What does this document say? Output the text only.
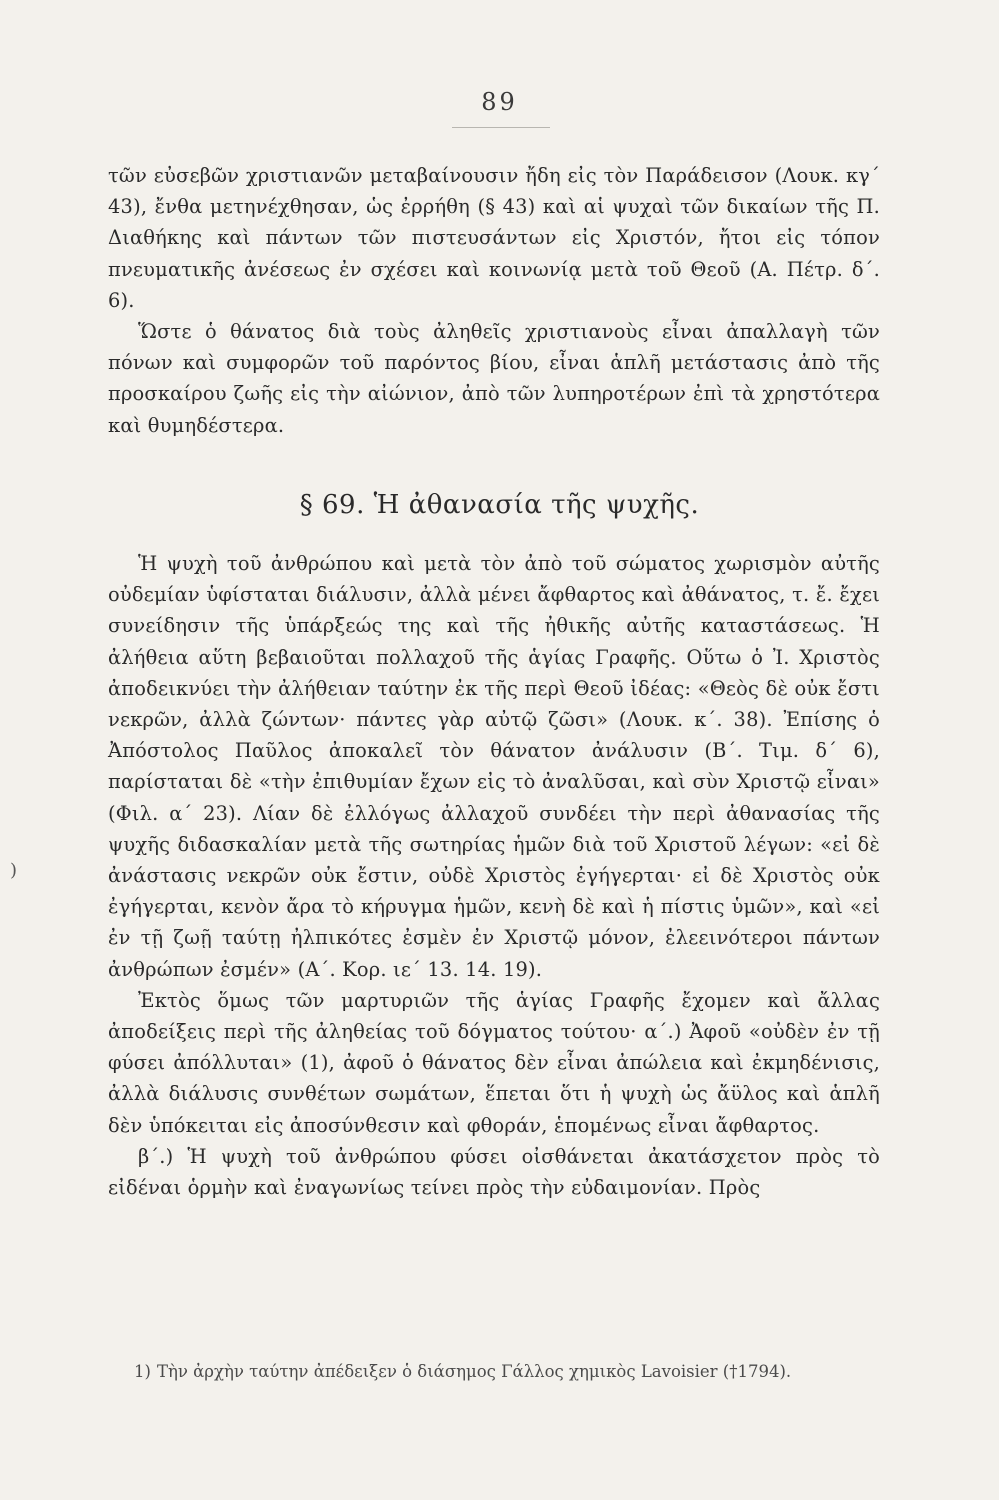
89

τῶν εὐσεβῶν χριστιανῶν μεταβαίνουσιν ἤδη εἰς τὸν Παράδεισον (Λουκ. κγ΄ 43), ἔνθα μετηνέχθησαν, ὡς ἐρρήθη (§ 43) καὶ αἱ ψυχαὶ τῶν δικαίων τῆς Π. Διαθήκης καὶ πάντων τῶν πιστευσάντων εἰς Χριστόν, ἤτοι εἰς τόπον πνευματικῆς ἀνέσεως ἐν σχέσει καὶ κοινωνίᾳ μετὰ τοῦ Θεοῦ (Α. Πέτρ. δ΄. 6).

Ὥστε ὁ θάνατος διὰ τοὺς ἀληθεῖς χριστιανοὺς εἶναι ἀπαλλαγὴ τῶν πόνων καὶ συμφορῶν τοῦ παρόντος βίου, εἶναι ἁπλῆ μετάστασις ἀπὸ τῆς προσκαίρου ζωῆς εἰς τὴν αἰώνιον, ἀπὸ τῶν λυπηροτέρων ἐπὶ τὰ χρηστότερα καὶ θυμηδέστερα.

§ 69. Ἡ ἀθανασία τῆς ψυχῆς.

Ἡ ψυχὴ τοῦ ἀνθρώπου καὶ μετὰ τὸν ἀπὸ τοῦ σώματος χωρισμὸν αὐτῆς οὐδεμίαν ὑφίσταται διάλυσιν, ἀλλὰ μένει ἄφθαρτος καὶ ἀθάνατος, τ. ἔ. ἔχει συνείδησιν τῆς ὑπάρξεώς της καὶ τῆς ἠθικῆς αὐτῆς καταστάσεως. Ἡ ἀλήθεια αὕτη βεβαιοῦται πολλαχοῦ τῆς ἁγίας Γραφῆς. Οὕτω ὁ Ἰ. Χριστὸς ἀποδεικνύει τὴν ἀλήθειαν ταύτην ἐκ τῆς περὶ Θεοῦ ἰδέας: «Θεὸς δὲ οὐκ ἔστι νεκρῶν, ἀλλὰ ζώντων· πάντες γὰρ αὐτῷ ζῶσι» (Λουκ. κ΄. 38). Ἐπίσης ὁ Ἀπόστολος Παῦλος ἀποκαλεῖ τὸν θάνατον ἀνάλυσιν (Β΄. Τιμ. δ΄ 6), παρίσταται δὲ «τὴν ἐπιθυμίαν ἔχων εἰς τὸ ἀναλῦσαι, καὶ σὺν Χριστῷ εἶναι» (Φιλ. α΄ 23). Λίαν δὲ ἐλλόγως ἀλλαχοῦ συνδέει τὴν περὶ ἀθανασίας τῆς ψυχῆς διδασκαλίαν μετὰ τῆς σωτηρίας ἡμῶν διὰ τοῦ Χριστοῦ λέγων: «εἰ δὲ ἀνάστασις νεκρῶν οὐκ ἔστιν, οὐδὲ Χριστὸς ἐγήγερται· εἰ δὲ Χριστὸς οὐκ ἐγήγερται, κενὸν ἄρα τὸ κήρυγμα ἡμῶν, κενὴ δὲ καὶ ἡ πίστις ὑμῶν», καὶ «εἰ ἐν τῇ ζωῇ ταύτῃ ἠλπικότες ἐσμὲν ἐν Χριστῷ μόνον, ἐλεεινότεροι πάντων ἀνθρώπων ἐσμέν» (Α΄. Κορ. ιε΄ 13. 14. 19).

Ἐκτὸς ὅμως τῶν μαρτυριῶν τῆς ἁγίας Γραφῆς ἔχομεν καὶ ἄλλας ἀποδείξεις περὶ τῆς ἀληθείας τοῦ δόγματος τούτου· α΄.) Ἀφοῦ «οὐδὲν ἐν τῇ φύσει ἀπόλλυται» (1), ἀφοῦ ὁ θάνατος δὲν εἶναι ἀπώλεια καὶ ἐκμηδένισις, ἀλλὰ διάλυσις συνθέτων σωμάτων, ἕπεται ὅτι ἡ ψυχὴ ὡς ἄϋλος καὶ ἁπλῆ δὲν ὑπόκειται εἰς ἀποσύνθεσιν καὶ φθοράν, ἑπομένως εἶναι ἄφθαρτος.

β΄.) Ἡ ψυχὴ τοῦ ἀνθρώπου φύσει οἰσθάνεται ἀκατάσχετον πρὸς τὸ εἰδέναι ὁρμὴν καὶ ἐναγωνίως τείνει πρὸς τὴν εὐδαιμονίαν. Πρὸς

)
1) Τὴν ἀρχὴν ταύτην ἀπέδειξεν ὁ διάσημος Γάλλος χημικὸς Lavoisier (†1794).
